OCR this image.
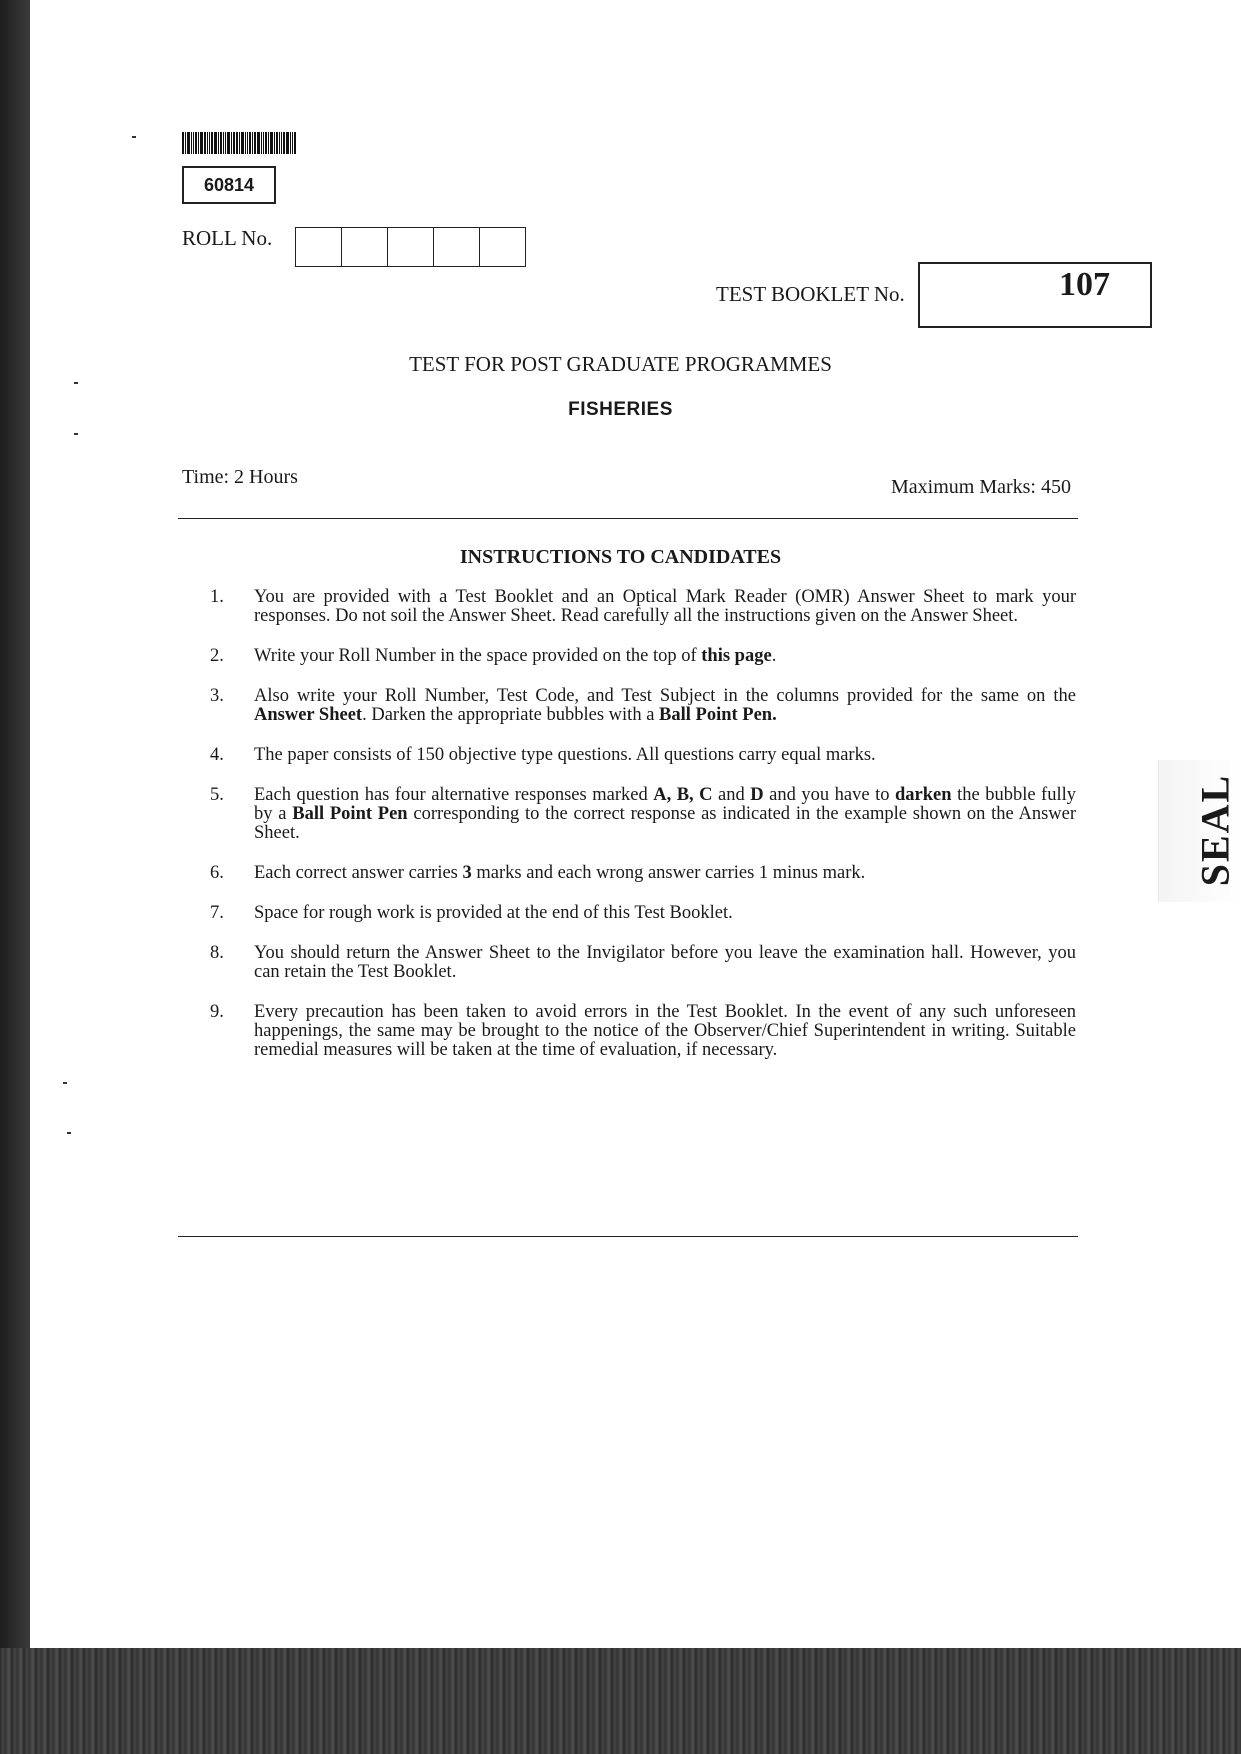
60814
ROLL No.
TEST BOOKLET No.	107
TEST FOR POST GRADUATE PROGRAMMES
FISHERIES
Time: 2 Hours	Maximum Marks: 450
INSTRUCTIONS TO CANDIDATES
1.	You are provided with a Test Booklet and an Optical Mark Reader (OMR) Answer Sheet to mark your responses. Do not soil the Answer Sheet. Read carefully all the instructions given on the Answer Sheet.
2.	Write your Roll Number in the space provided on the top of this page.
3.	Also write your Roll Number, Test Code, and Test Subject in the columns provided for the same on the Answer Sheet. Darken the appropriate bubbles with a Ball Point Pen.
4.	The paper consists of 150 objective type questions. All questions carry equal marks.
5.	Each question has four alternative responses marked A, B, C and D and you have to darken the bubble fully by a Ball Point Pen corresponding to the correct response as indicated in the example shown on the Answer Sheet.
6.	Each correct answer carries 3 marks and each wrong answer carries 1 minus mark.
7.	Space for rough work is provided at the end of this Test Booklet.
8.	You should return the Answer Sheet to the Invigilator before you leave the examination hall. However, you can retain the Test Booklet.
9.	Every precaution has been taken to avoid errors in the Test Booklet. In the event of any such unforeseen happenings, the same may be brought to the notice of the Observer/Chief Superintendent in writing. Suitable remedial measures will be taken at the time of evaluation, if necessary.
SEAL
